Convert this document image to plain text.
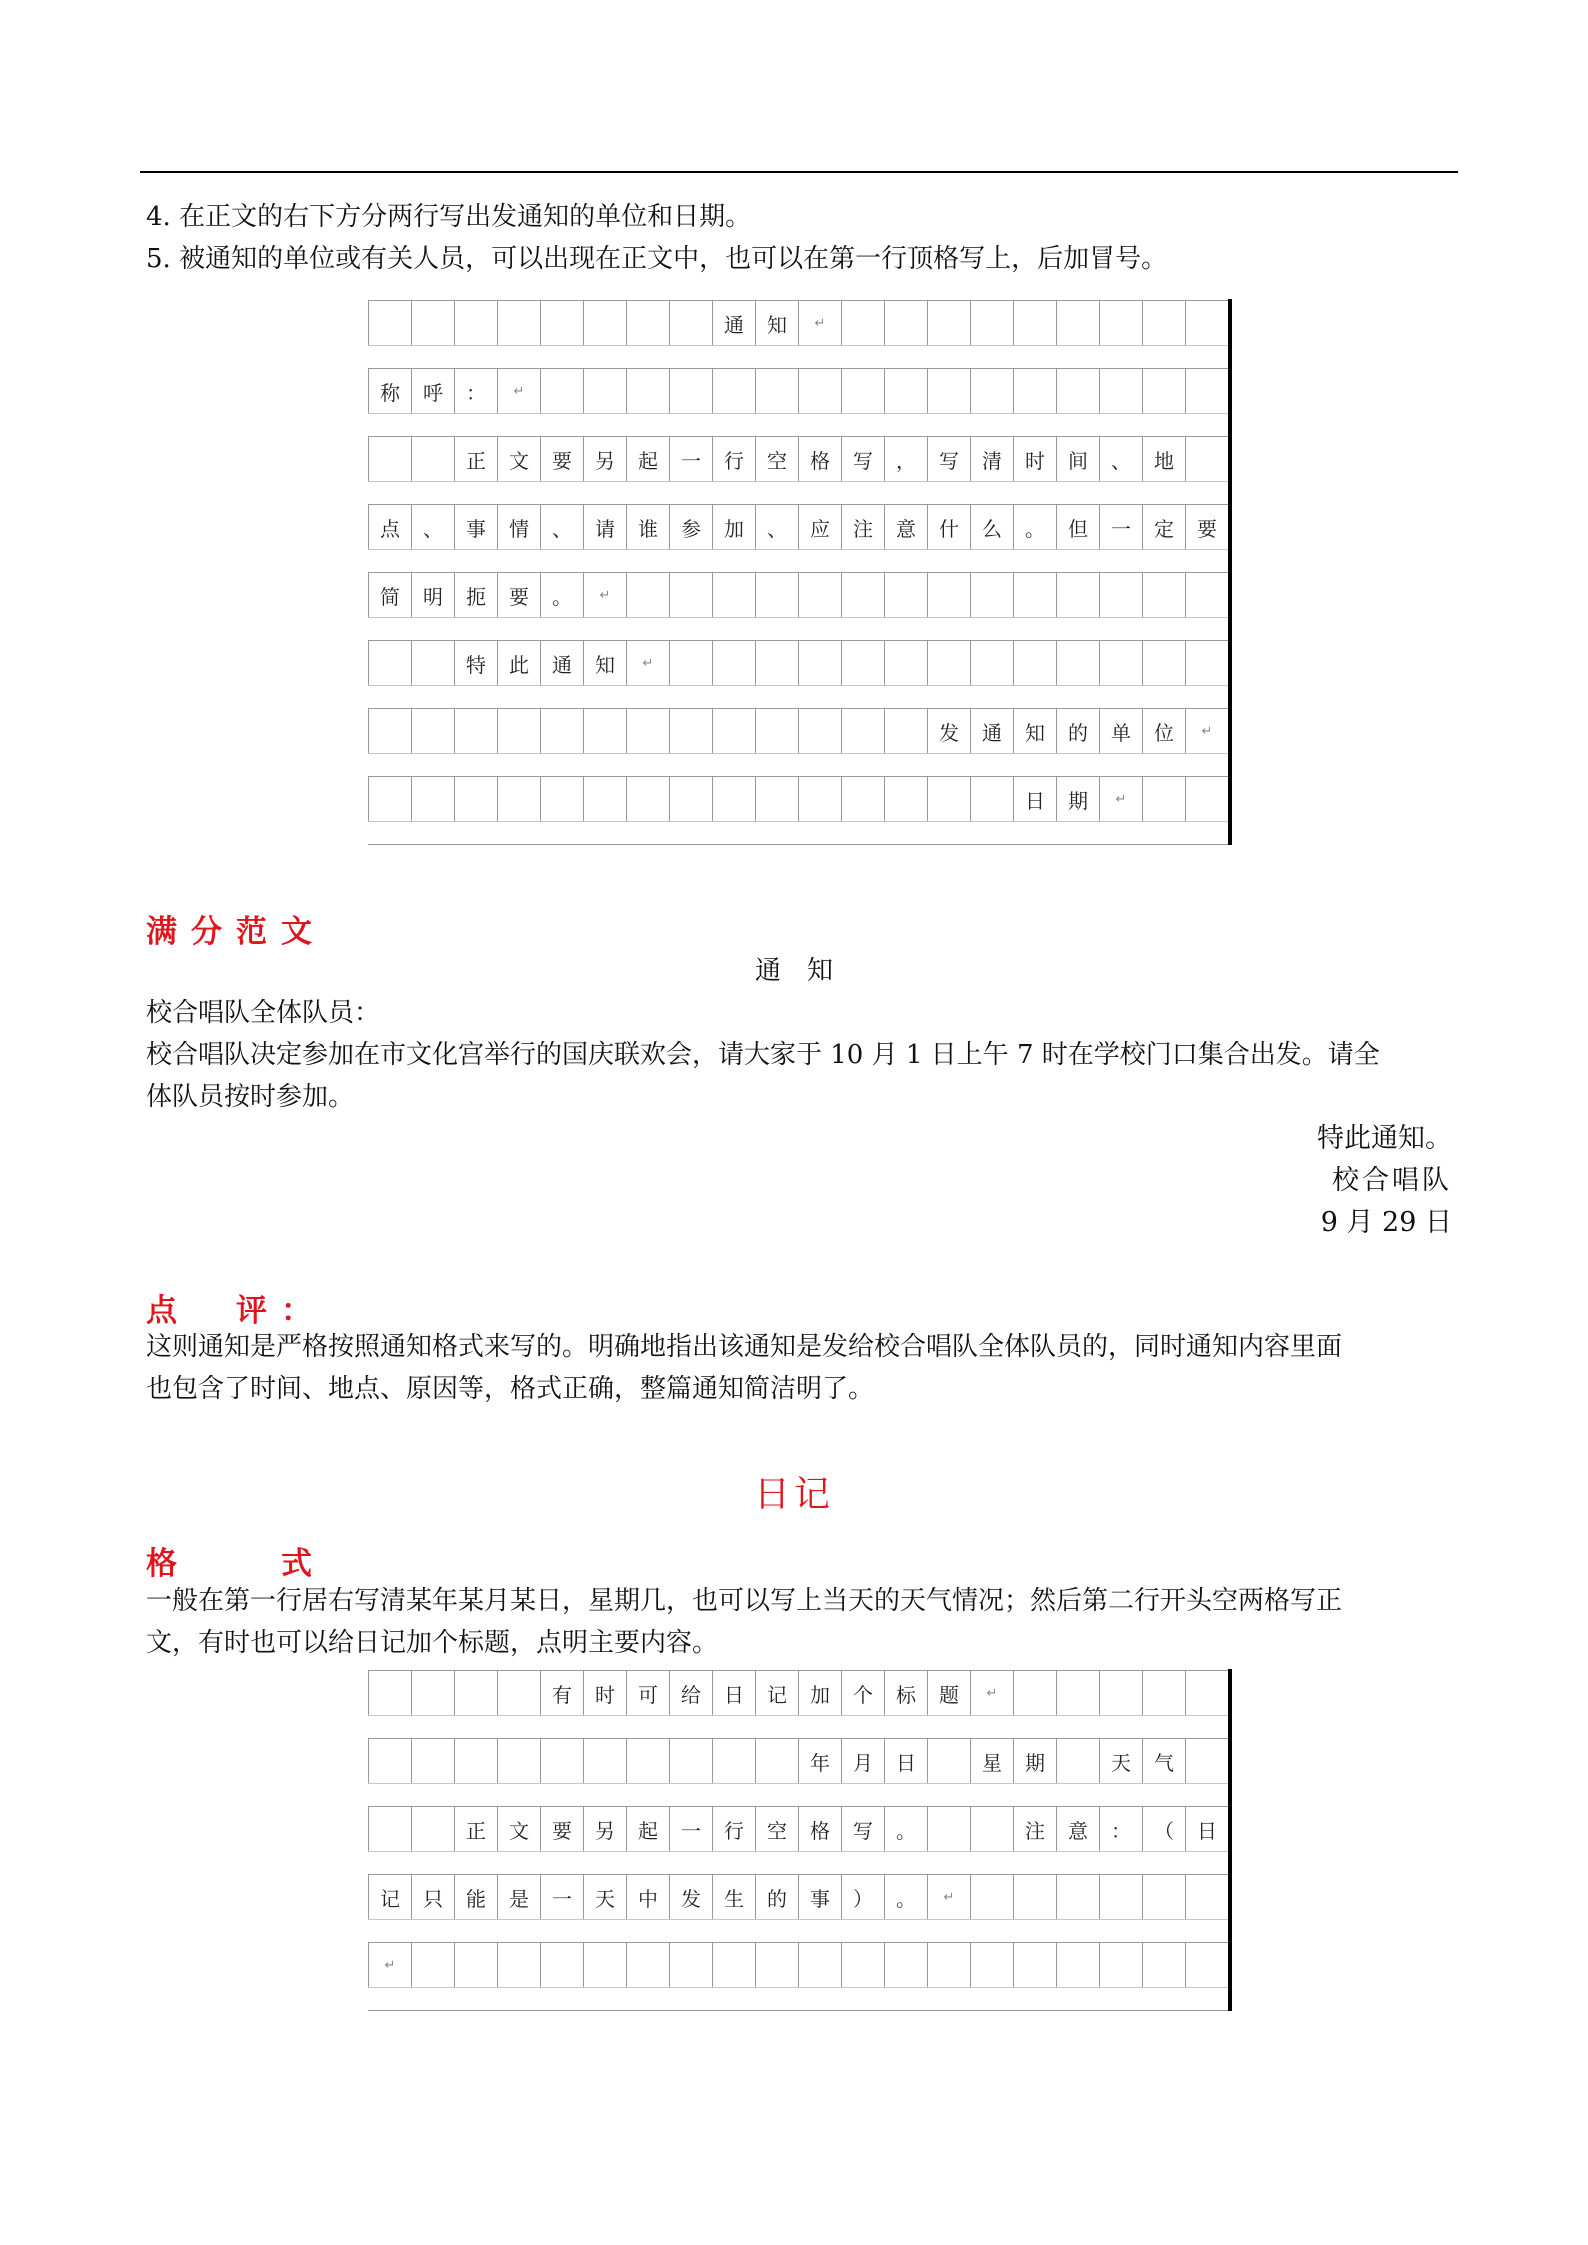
4. 在正文的右下方分两行写出发通知的单位和日期。
5. 被通知的单位或有关人员，可以出现在正文中，也可以在第一行顶格写上，后加冒号。
通	知	↵
称	呼	：	↵
正	文	要	另	起	一	行	空	格	写	，	写	清	时	间	、	地
点	、	事	情	、	请	谁	参	加	、	应	注	意	什	么	。	但	一	定	要
简	明	扼	要	。	↵
特	此	通	知	↵
发	通	知	的	单	位	↵
日	期	↵
满分范文
通　知
校合唱队全体队员：
校合唱队决定参加在市文化宫举行的国庆联欢会，请大家于 10 月 1 日上午 7 时在学校门口集合出发。请全
体队员按时参加。
特此通知。
校合唱队
9 月 29 日
点　评：
这则通知是严格按照通知格式来写的。明确地指出该通知是发给校合唱队全体队员的，同时通知内容里面
也包含了时间、地点、原因等，格式正确，整篇通知简洁明了。
日记
格　　式
一般在第一行居右写清某年某月某日，星期几，也可以写上当天的天气情况；然后第二行开头空两格写正
文，有时也可以给日记加个标题，点明主要内容。
有	时	可	给	日	记	加	个	标	题	↵
年	月	日	星	期	天	气
正	文	要	另	起	一	行	空	格	写	。	注	意	：	（	日
记	只	能	是	一	天	中	发	生	的	事	）	。	↵
↵
